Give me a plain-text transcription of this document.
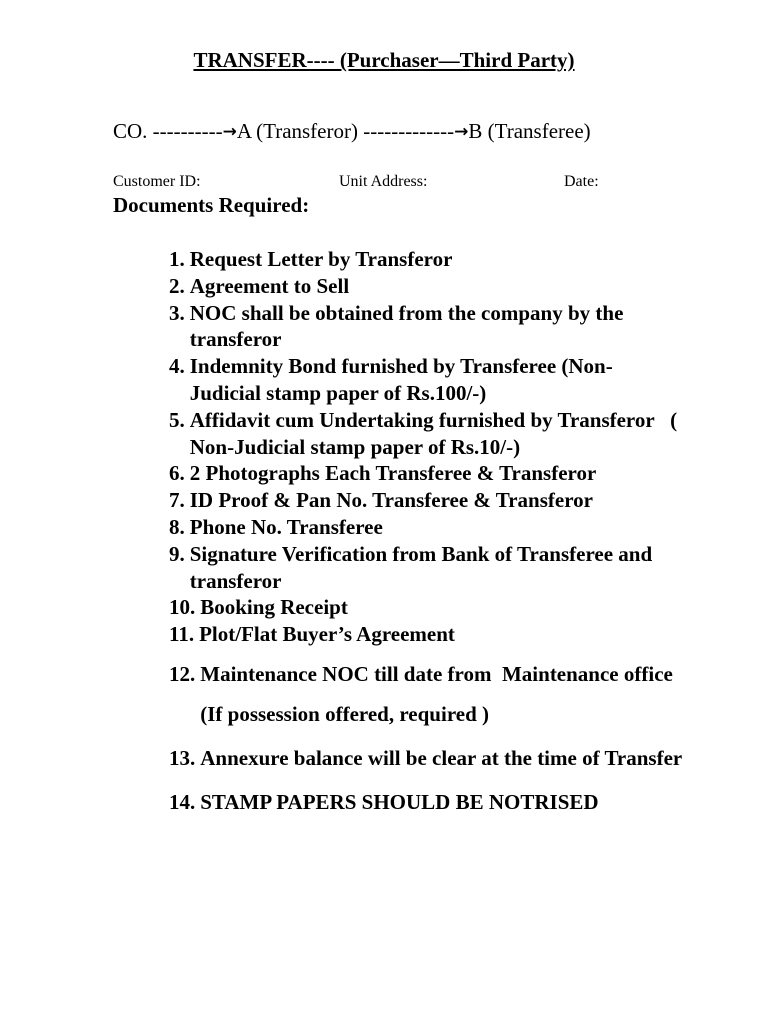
TRANSFER---- (Purchaser—Third Party)
CO. ----------→A (Transferor) -------------→B (Transferee)
Customer ID:	Unit Address:	Date:
Documents Required:
1. Request Letter by Transferor
2. Agreement to Sell
3. NOC shall be obtained from the company by the transferor
4. Indemnity Bond furnished by Transferee (Non- Judicial stamp paper of Rs.100/-)
5. Affidavit cum Undertaking furnished by Transferor   ( Non-Judicial stamp paper of Rs.10/-)
6. 2 Photographs Each Transferee & Transferor
7. ID Proof & Pan No. Transferee & Transferor
8. Phone No. Transferee
9. Signature Verification from Bank of Transferee and transferor
10. Booking Receipt
11. Plot/Flat Buyer’s Agreement
12. Maintenance NOC till date from  Maintenance office  (If possession offered, required )
13. Annexure balance will be clear at the time of Transfer
14. STAMP PAPERS SHOULD BE NOTRISED
